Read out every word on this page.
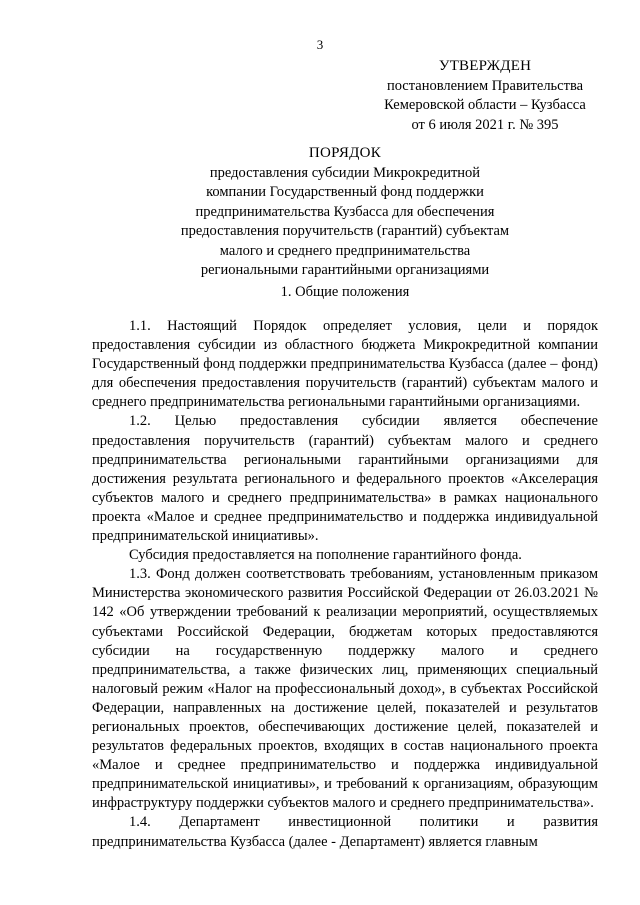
3
УТВЕРЖДЕН
постановлением Правительства
Кемеровской области – Кузбасса
от 6 июля 2021 г. № 395
ПОРЯДОК
предоставления субсидии Микрокредитной
компании Государственный фонд поддержки
предпринимательства Кузбасса для обеспечения
предоставления поручительств (гарантий) субъектам
малого и среднего предпринимательства
региональными гарантийными организациями
1. Общие положения

1.1. Настоящий Порядок определяет условия, цели и порядок предоставления субсидии из областного бюджета Микрокредитной компании Государственный фонд поддержки предпринимательства Кузбасса (далее – фонд) для обеспечения предоставления поручительств (гарантий) субъектам малого и среднего предпринимательства региональными гарантийными организациями.

1.2. Целью предоставления субсидии является обеспечение предоставления поручительств (гарантий) субъектам малого и среднего предпринимательства региональными гарантийными организациями для достижения результата регионального и федерального проектов «Акселерация субъектов малого и среднего предпринимательства» в рамках национального проекта «Малое и среднее предпринимательство и поддержка индивидуальной предпринимательской инициативы».

Субсидия предоставляется на пополнение гарантийного фонда.

1.3. Фонд должен соответствовать требованиям, установленным приказом Министерства экономического развития Российской Федерации от 26.03.2021 № 142 «Об утверждении требований к реализации мероприятий, осуществляемых субъектами Российской Федерации, бюджетам которых предоставляются субсидии на государственную поддержку малого и среднего предпринимательства, а также физических лиц, применяющих специальный налоговый режим «Налог на профессиональный доход», в субъектах Российской Федерации, направленных на достижение целей, показателей и результатов региональных проектов, обеспечивающих достижение целей, показателей и результатов федеральных проектов, входящих в состав национального проекта «Малое и среднее предпринимательство и поддержка индивидуальной предпринимательской инициативы», и требований к организациям, образующим инфраструктуру поддержки субъектов малого и среднего предпринимательства».

1.4. Департамент инвестиционной политики и развития предпринимательства Кузбасса (далее - Департамент) является главным
